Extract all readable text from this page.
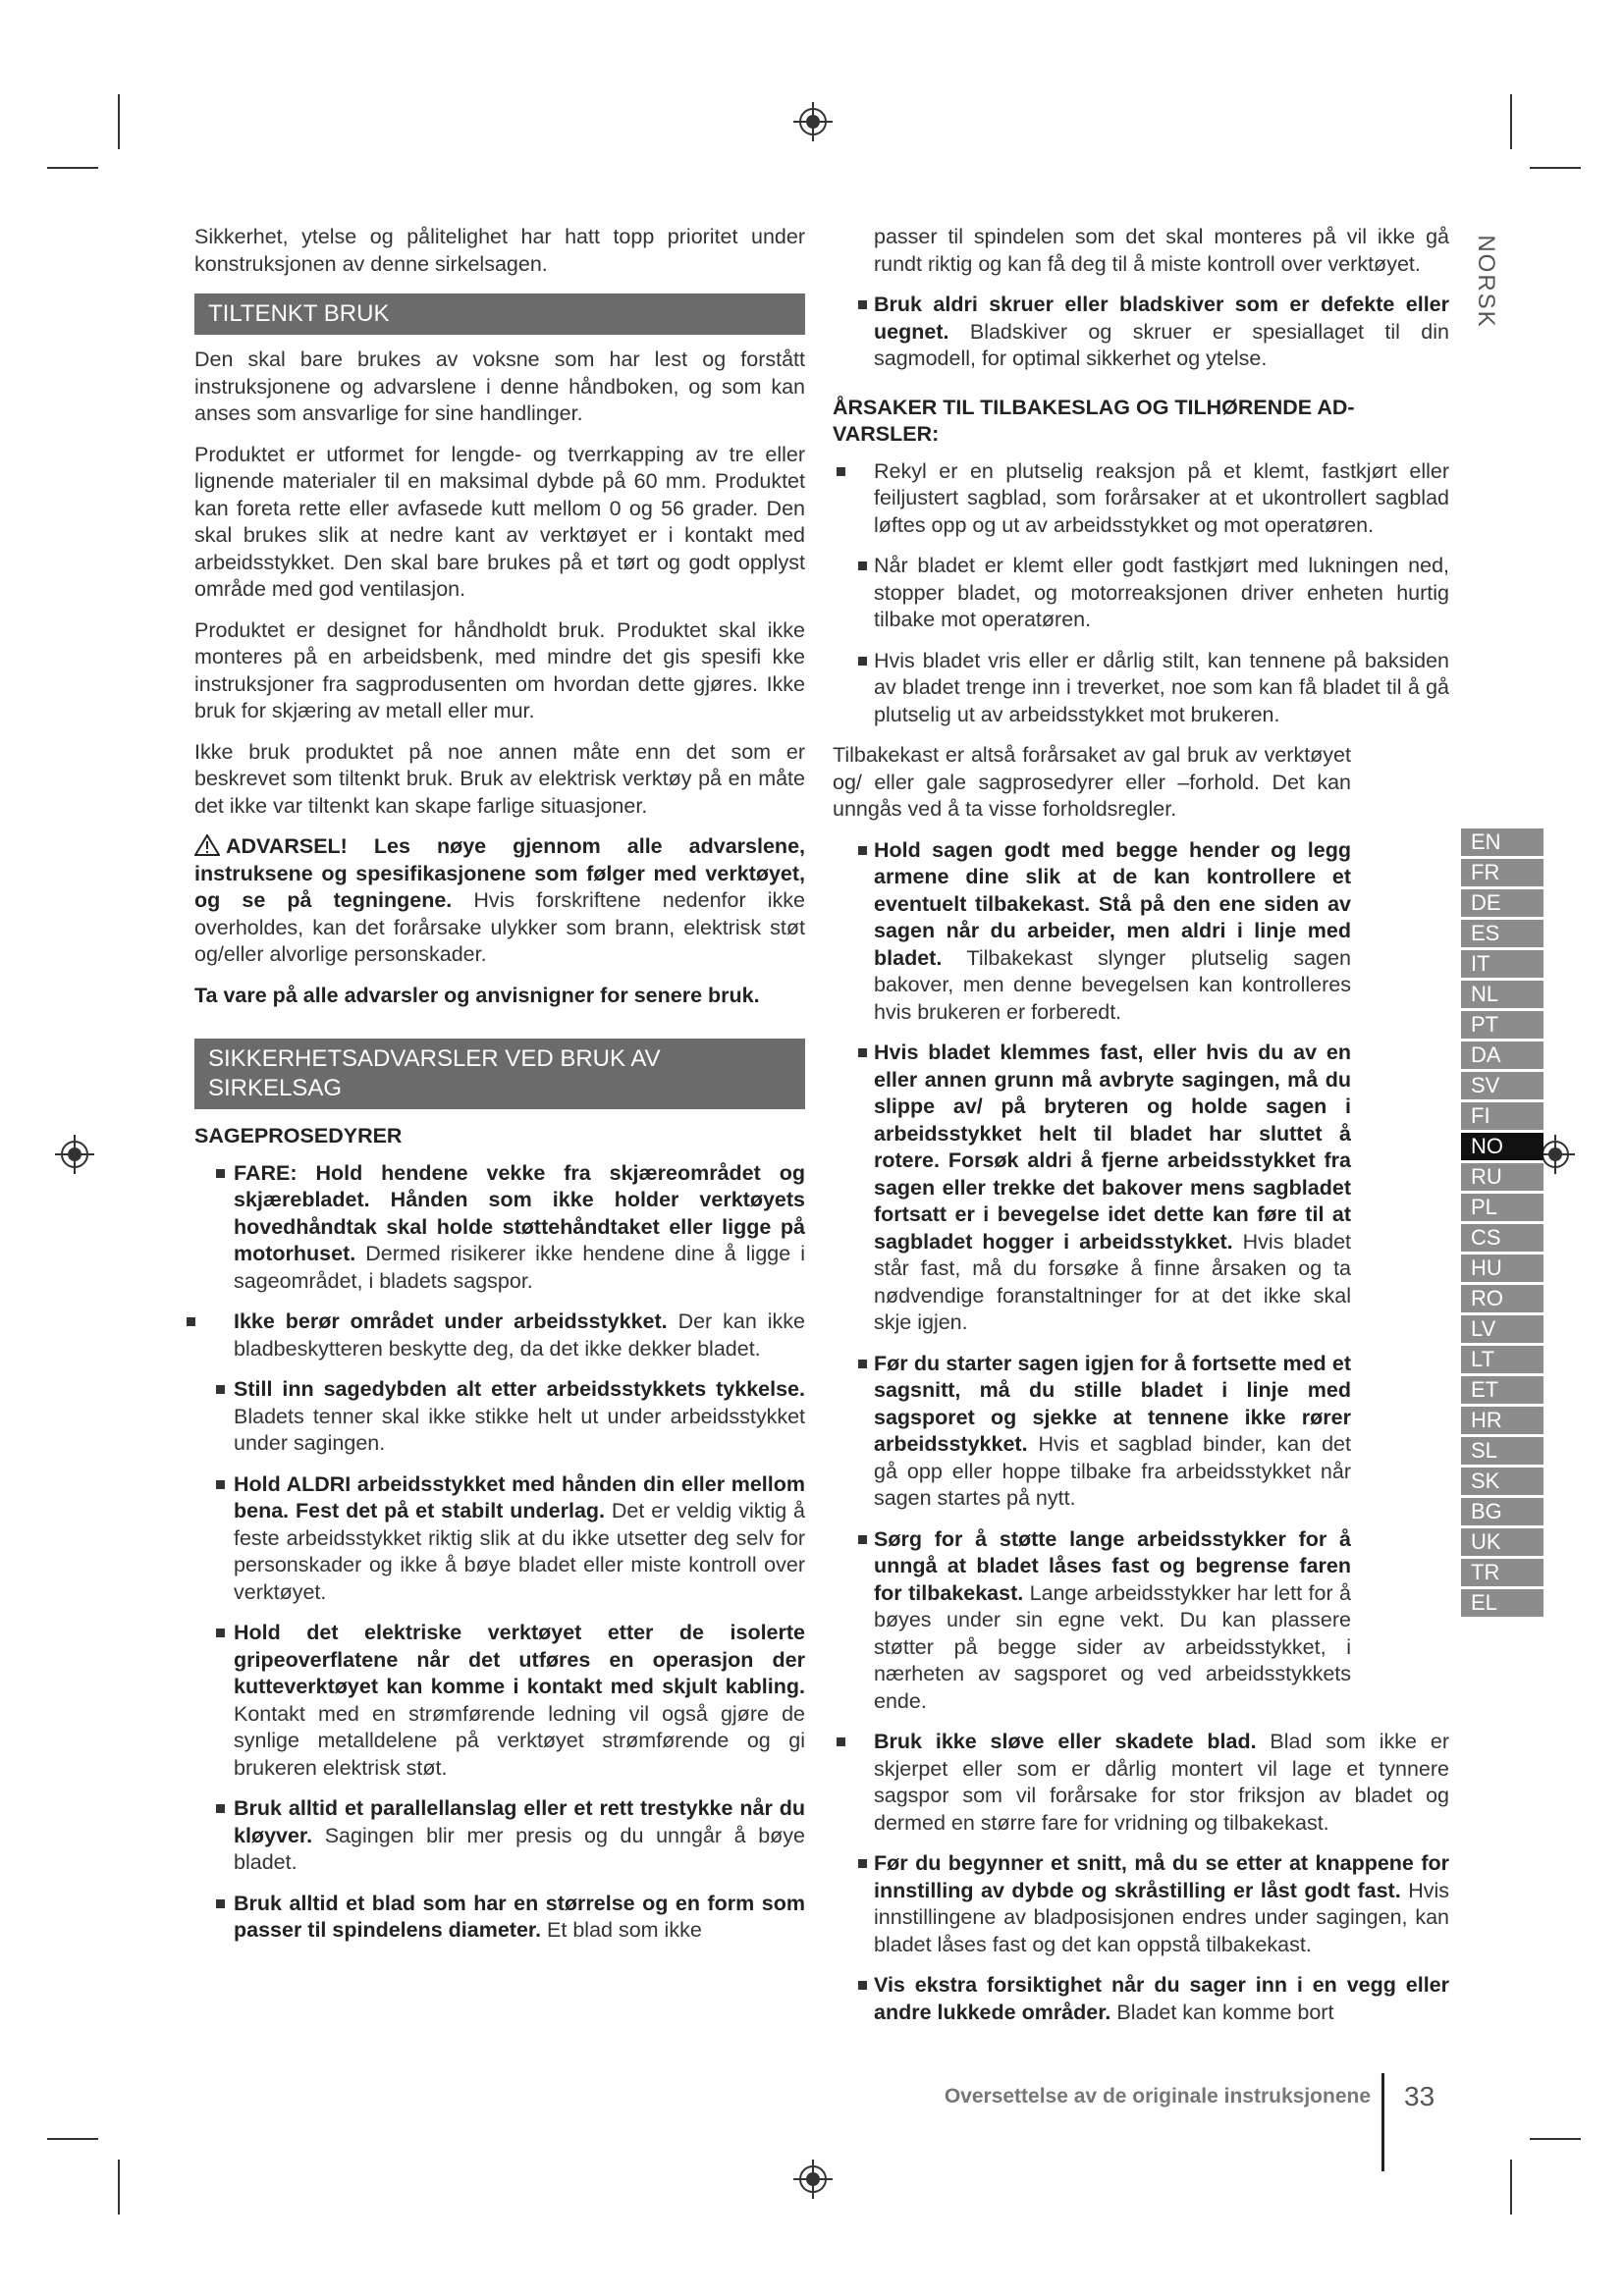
NORSK

Sikkerhet, ytelse og pålitelighet har hatt topp prioritet under konstruksjonen av denne sirkelsagen.

TILTENKT BRUK

Den skal bare brukes av voksne som har lest og forstått instruksjonene og advarslene i denne håndboken, og som kan anses som ansvarlige for sine handlinger.

Produktet er utformet for lengde- og tverrkapping av tre eller lignende materialer til en maksimal dybde på 60 mm. Produktet kan foreta rette eller avfasede kutt mellom 0 og 56 grader. Den skal brukes slik at nedre kant av verktøyet er i kontakt med arbeidsstykket. Den skal bare brukes på et tørt og godt opplyst område med god ventilasjon.

Produktet er designet for håndholdt bruk. Produktet skal ikke monteres på en arbeidsbenk, med mindre det gis spesifi kke instruksjoner fra sagprodusenten om hvordan dette gjøres. Ikke bruk for skjæring av metall eller mur.

Ikke bruk produktet på noe annen måte enn det som er beskrevet som tiltenkt bruk. Bruk av elektrisk verktøy på en måte det ikke var tiltenkt kan skape farlige situasjoner.

ADVARSEL! Les nøye gjennom alle advarslene, instruksene og spesifikasjonene som følger med verktøyet, og se på tegningene. Hvis forskriftene nedenfor ikke overholdes, kan det forårsake ulykker som brann, elektrisk støt og/eller alvorlige personskader.

Ta vare på alle advarsler og anvisnigner for senere bruk.

SIKKERHETSADVARSLER VED BRUK AV SIRKELSAG
SAGEPROSEDYRER
FARE: Hold hendene vekke fra skjæreområdet og skjærebladet. Hånden som ikke holder verktøyets hovedhåndtak skal holde støttehåndtaket eller ligge på motorhuset. Dermed risikerer ikke hendene dine å ligge i sageområdet, i bladets sagspor.
Ikke berør området under arbeidsstykket. Der kan ikke bladbeskytteren beskytte deg, da det ikke dekker bladet.
Still inn sagedybden alt etter arbeidsstykkets tykkelse. Bladets tenner skal ikke stikke helt ut under arbeidsstykket under sagingen.
Hold ALDRI arbeidsstykket med hånden din eller mellom bena. Fest det på et stabilt underlag. Det er veldig viktig å feste arbeidsstykket riktig slik at du ikke utsetter deg selv for personskader og ikke å bøye bladet eller miste kontroll over verktøyet.
Hold det elektriske verktøyet etter de isolerte gripeoverflatene når det utføres en operasjon der kutteverktøyet kan komme i kontakt med skjult kabling. Kontakt med en strømførende ledning vil også gjøre de synlige metalldelene på verktøyet strømførende og gi brukeren elektrisk støt.
Bruk alltid et parallellanslag eller et rett trestykke når du kløyver. Sagingen blir mer presis og du unngår å bøye bladet.
Bruk alltid et blad som har en størrelse og en form som passer til spindelens diameter. Et blad som ikke

passer til spindelen som det skal monteres på vil ikke gå rundt riktig og kan få deg til å miste kontroll over verktøyet.

Bruk aldri skruer eller bladskiver som er defekte eller uegnet. Bladskiver og skruer er spesiallaget til din sagmodell, for optimal sikkerhet og ytelse.
ÅRSAKER TIL TILBAKESLAG OG TILHØRENDE ADVARSLER:
Rekyl er en plutselig reaksjon på et klemt, fastkjørt eller feiljustert sagblad, som forårsaker at et ukontrollert sagblad løftes opp og ut av arbeidsstykket og mot operatøren.
Når bladet er klemt eller godt fastkjørt med lukningen ned, stopper bladet, og motorreaksjonen driver enheten hurtig tilbake mot operatøren.
Hvis bladet vris eller er dårlig stilt, kan tennene på baksiden av bladet trenge inn i treverket, noe som kan få bladet til å gå plutselig ut av arbeidsstykket mot brukeren.

Tilbakekast er altså forårsaket av gal bruk av verktøyet og/ eller gale sagprosedyrer eller –forhold. Det kan unngås ved å ta visse forholdsregler.

Hold sagen godt med begge hender og legg armene dine slik at de kan kontrollere et eventuelt tilbakekast. Stå på den ene siden av sagen når du arbeider, men aldri i linje med bladet. Tilbakekast slynger plutselig sagen bakover, men denne bevegelsen kan kontrolleres hvis brukeren er forberedt.
Hvis bladet klemmes fast, eller hvis du av en eller annen grunn må avbryte sagingen, må du slippe av/ på bryteren og holde sagen i arbeidsstykket helt til bladet har sluttet å rotere. Forsøk aldri å fjerne arbeidsstykket fra sagen eller trekke det bakover mens sagbladet fortsatt er i bevegelse idet dette kan føre til at sagbladet hogger i arbeidsstykket. Hvis bladet står fast, må du forsøke å finne årsaken og ta nødvendige foranstaltninger for at det ikke skal skje igjen.
Før du starter sagen igjen for å fortsette med et sagsnitt, må du stille bladet i linje med sagsporet og sjekke at tennene ikke rører arbeidsstykket. Hvis et sagblad binder, kan det gå opp eller hoppe tilbake fra arbeidsstykket når sagen startes på nytt.
Sørg for å støtte lange arbeidsstykker for å unngå at bladet låses fast og begrense faren for tilbakekast. Lange arbeidsstykker har lett for å bøyes under sin egne vekt. Du kan plassere støtter på begge sider av arbeidsstykket, i nærheten av sagsporet og ved arbeidsstykkets ende.
Bruk ikke sløve eller skadete blad. Blad som ikke er skjerpet eller som er dårlig montert vil lage et tynnere sagspor som vil forårsake for stor friksjon av bladet og dermed en større fare for vridning og tilbakekast.
Før du begynner et snitt, må du se etter at knappene for innstilling av dybde og skråstilling er låst godt fast. Hvis innstillingene av bladposisjonen endres under sagingen, kan bladet låses fast og det kan oppstå tilbakekast.
Vis ekstra forsiktighet når du sager inn i en vegg eller andre lukkede områder. Bladet kan komme bort
EN
FR
DE
ES
IT
NL
PT
DA
SV
FI
NO
RU
PL
CS
HU
RO
LV
LT
ET
HR
SL
SK
BG
UK
TR
EL
Oversettelse av de originale instruksjonene 33
